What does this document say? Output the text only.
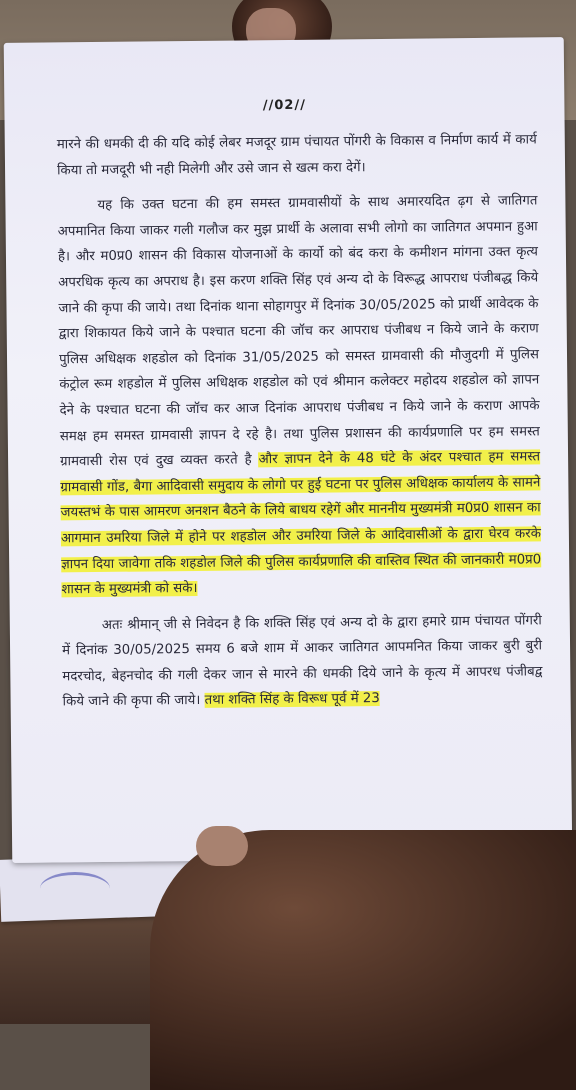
//02//

मारने की धमकी दी की यदि कोई लेबर मजदूर ग्राम पंचायत पोंगरी के विकास व निर्माण कार्य में कार्य किया तो मजदूरी भी नही मिलेगी और उसे जान से खत्म करा देगें।

यह कि उक्त घटना की हम समस्त ग्रामवासीयों के साथ अमारयदित ढ़ग से जातिगत अपमानित किया जाकर गली गलौज कर मुझ प्रार्थी के अलावा सभी लोगो का जातिगत अपमान हुआ है। और म0प्र0 शासन की विकास योजनाओं के कार्यो को बंद करा के कमीशन मांगना उक्त कृत्य अपरधिक कृत्य का अपराध है। इस करण शक्ति सिंह एवं अन्य दो के विरूद्ध आपराध पंजीबद्ध किये जाने की कृपा की जाये। तथा दिनांक थाना सोहागपुर में दिनांक 30/05/2025 को प्रार्थी आवेदक के द्वारा शिकायत किये जाने के पश्चात घटना की जॉच कर आपराध पंजीबध न किये जाने के कराण पुलिस अधिक्षक शहडोल को दिनांक 31/05/2025 को समस्त ग्रामवासी की मौजुदगी में पुलिस कंट्रोल रूम शहडोल में पुलिस अधिक्षक शहडोल को एवं श्रीमान कलेक्टर महोदय शहडोल को ज्ञापन देने के पश्चात घटना की जॉच कर आज दिनांक आपराध पंजीबध न किये जाने के कराण आपके समक्ष हम समस्त ग्रामवासी ज्ञापन दे रहे है। तथा पुलिस प्रशासन की कार्यप्रणालि पर हम समस्त ग्रामवासी रोस एवं दुख व्यक्त करते है और ज्ञापन देने के 48 घंटे के अंदर पश्चात हम समस्त ग्रामवासी गोंड, बैगा आदिवासी समुदाय के लोगो पर हुई घटना पर पुलिस अधिक्षक कार्यालय के सामने जयस्तभं के पास आमरण अनशन बैठने के लिये बाधय रहेगें और माननीय मुख्यमंत्री म0प्र0 शासन का आगमान उमरिया जिले में होने पर शहडोल और उमरिया जिले के आदिवासीओं के द्वारा घेरव करके ज्ञापन दिया जावेगा तकि शहडोल जिले की पुलिस कार्यप्रणालि की वास्तिव स्थित की जानकारी म0प्र0 शासन के मुख्यमंत्री को सके।

अतः श्रीमान् जी से निवेदन है कि शक्ति सिंह एवं अन्य दो के द्वारा हमारे ग्राम पंचायत पोंगरी में दिनांक 30/05/2025 समय 6 बजे शाम में आकर जातिगत आपमनित किया जाकर बुरी बुरी मदरचोद, बेहनचोद की गली देकर जान से मारने की धमकी दिये जाने के कृत्य में आपरध पंजीबद्व किये जाने की कृपा की जाये। तथा शक्ति सिंह के विरूध पूर्व में 23
